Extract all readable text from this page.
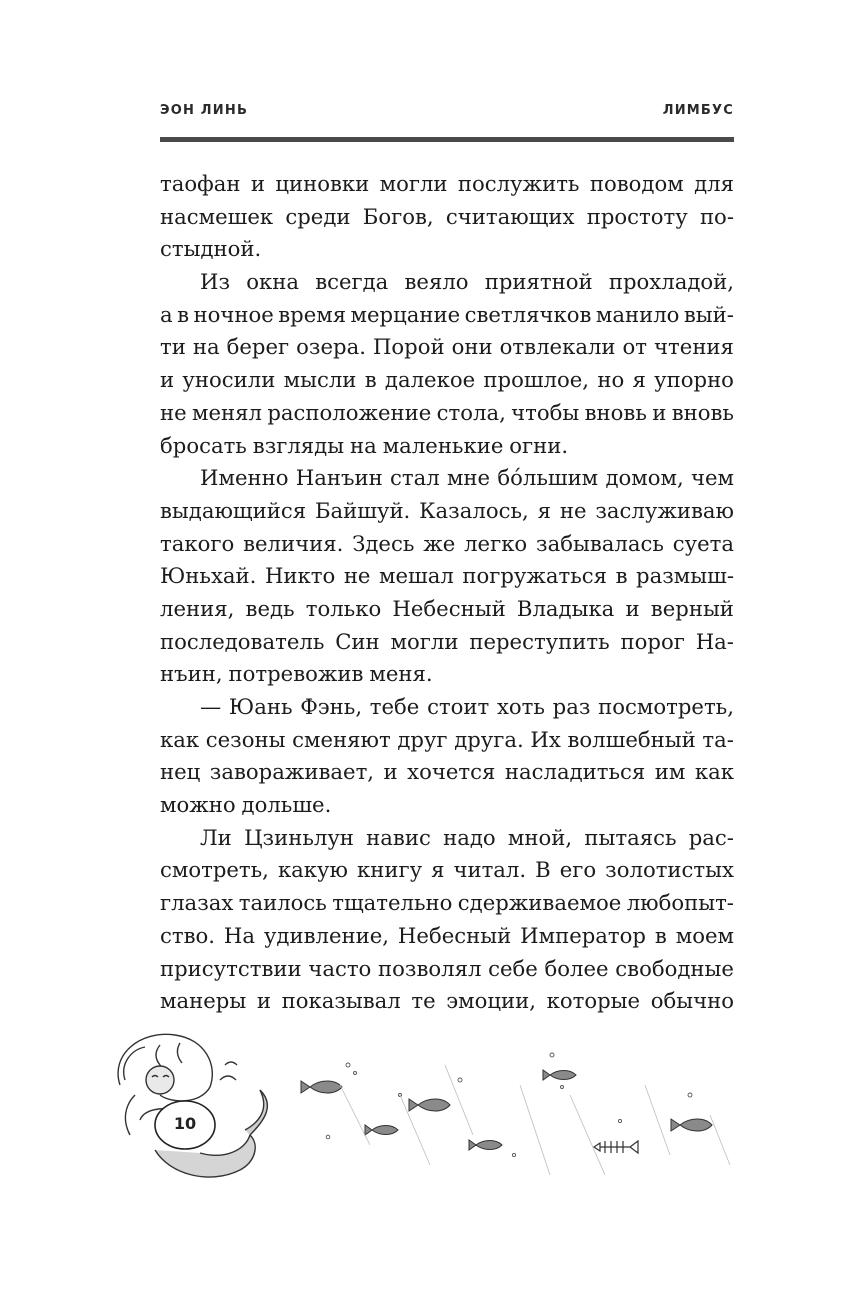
ЭОН ЛИНЬ	ЛИМБУС
таофан и циновки могли послужить поводом для
насмешек среди Богов, считающих простоту по-
стыдной.
Из окна всегда веяло приятной прохладой,
а в ночное время мерцание светлячков манило вый-
ти на берег озера. Порой они отвлекали от чтения
и уносили мысли в далекое прошлое, но я упорно
не менял расположение стола, чтобы вновь и вновь
бросать взгляды на маленькие огни.
Именно Нанъин стал мне бóльшим домом, чем
выдающийся Байшуй. Казалось, я не заслуживаю
такого величия. Здесь же легко забывалась суета
Юньхай. Никто не мешал погружаться в размыш-
ления, ведь только Небесный Владыка и верный
последователь Син могли переступить порог На-
нъин, потревожив меня.
— Юань Фэнь, тебе стоит хоть раз посмотреть,
как сезоны сменяют друг друга. Их волшебный та-
нец завораживает, и хочется насладиться им как
можно дольше.
Ли Цзиньлун навис надо мной, пытаясь рас-
смотреть, какую книгу я читал. В его золотистых
глазах таилось тщательно сдерживаемое любопыт-
ство. На удивление, Небесный Император в моем
присутствии часто позволял себе более свободные
манеры и показывал те эмоции, которые обычно
10
